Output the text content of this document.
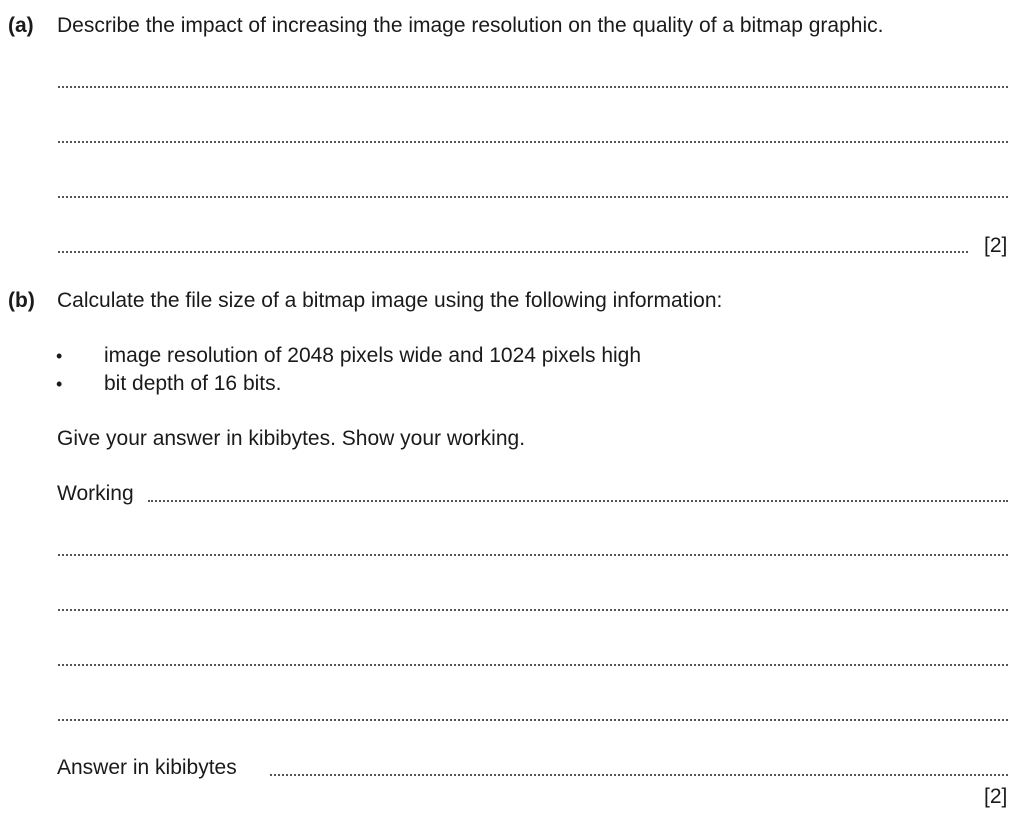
(a) Describe the impact of increasing the image resolution on the quality of a bitmap graphic.
[2]
(b) Calculate the file size of a bitmap image using the following information:
• image resolution of 2048 pixels wide and 1024 pixels high
• bit depth of 16 bits.
Give your answer in kibibytes. Show your working.
Working
Answer in kibibytes
[2]
